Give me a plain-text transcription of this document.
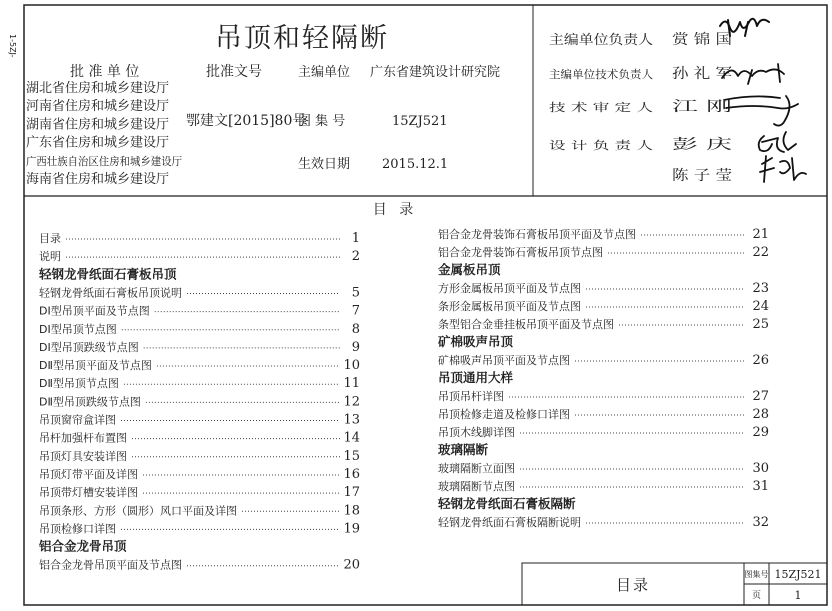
1-5ZJ-	吊顶和轻隔断
批 准 单 位
湖北省住房和城乡建设厅
河南省住房和城乡建设厅
湖南省住房和城乡建设厅
广东省住房和城乡建设厅
广西壮族自治区住房和城乡建设厅
海南省住房和城乡建设厅
批准文号
鄂建文[2015]80号
主编单位 广东省建筑设计研究院
图 集 号	15ZJ521
生效日期 2015.12.1
主编单位负责人	赏 锦 国
主编单位技术负责人	孙 礼 军
技 术 审 定 人	江 刚
设 计 负 责 人	彭 庆
陈 子 莹
目 录
目录	1
说明	2
轻钢龙骨纸面石膏板吊顶
轻钢龙骨纸面石膏板吊顶说明	5
DⅠ型吊顶平面及节点图	7
DⅠ型吊顶节点图	8
DⅠ型吊顶跌级节点图	9
DⅡ型吊顶平面及节点图	10
DⅡ型吊顶节点图	11
DⅡ型吊顶跌级节点图	12
吊顶窗帘盒详图	13
吊杆加强杆布置图	14
吊顶灯具安装详图	15
吊顶灯带平面及详图	16
吊顶带灯槽安装详图	17
吊顶条形、方形（圆形）风口平面及详图	18
吊顶检修口详图	19
铝合金龙骨吊顶
铝合金龙骨吊顶平面及节点图	20
铝合金龙骨装饰石膏板吊顶平面及节点图	21
铝合金龙骨装饰石膏板吊顶节点图	22
金属板吊顶
方形金属板吊顶平面及节点图	23
条形金属板吊顶平面及节点图	24
条型铝合金垂挂板吊顶平面及节点图	25
矿棉吸声吊顶
矿棉吸声吊顶平面及节点图	26
吊顶通用大样
吊顶吊杆详图	27
吊顶检修走道及检修口详图	28
吊顶木线脚详图	29
玻璃隔断
玻璃隔断立面图	30
玻璃隔断节点图	31
轻钢龙骨纸面石膏板隔断
轻钢龙骨纸面石膏板隔断说明	32
目录
图集号 15ZJ521
页	1
